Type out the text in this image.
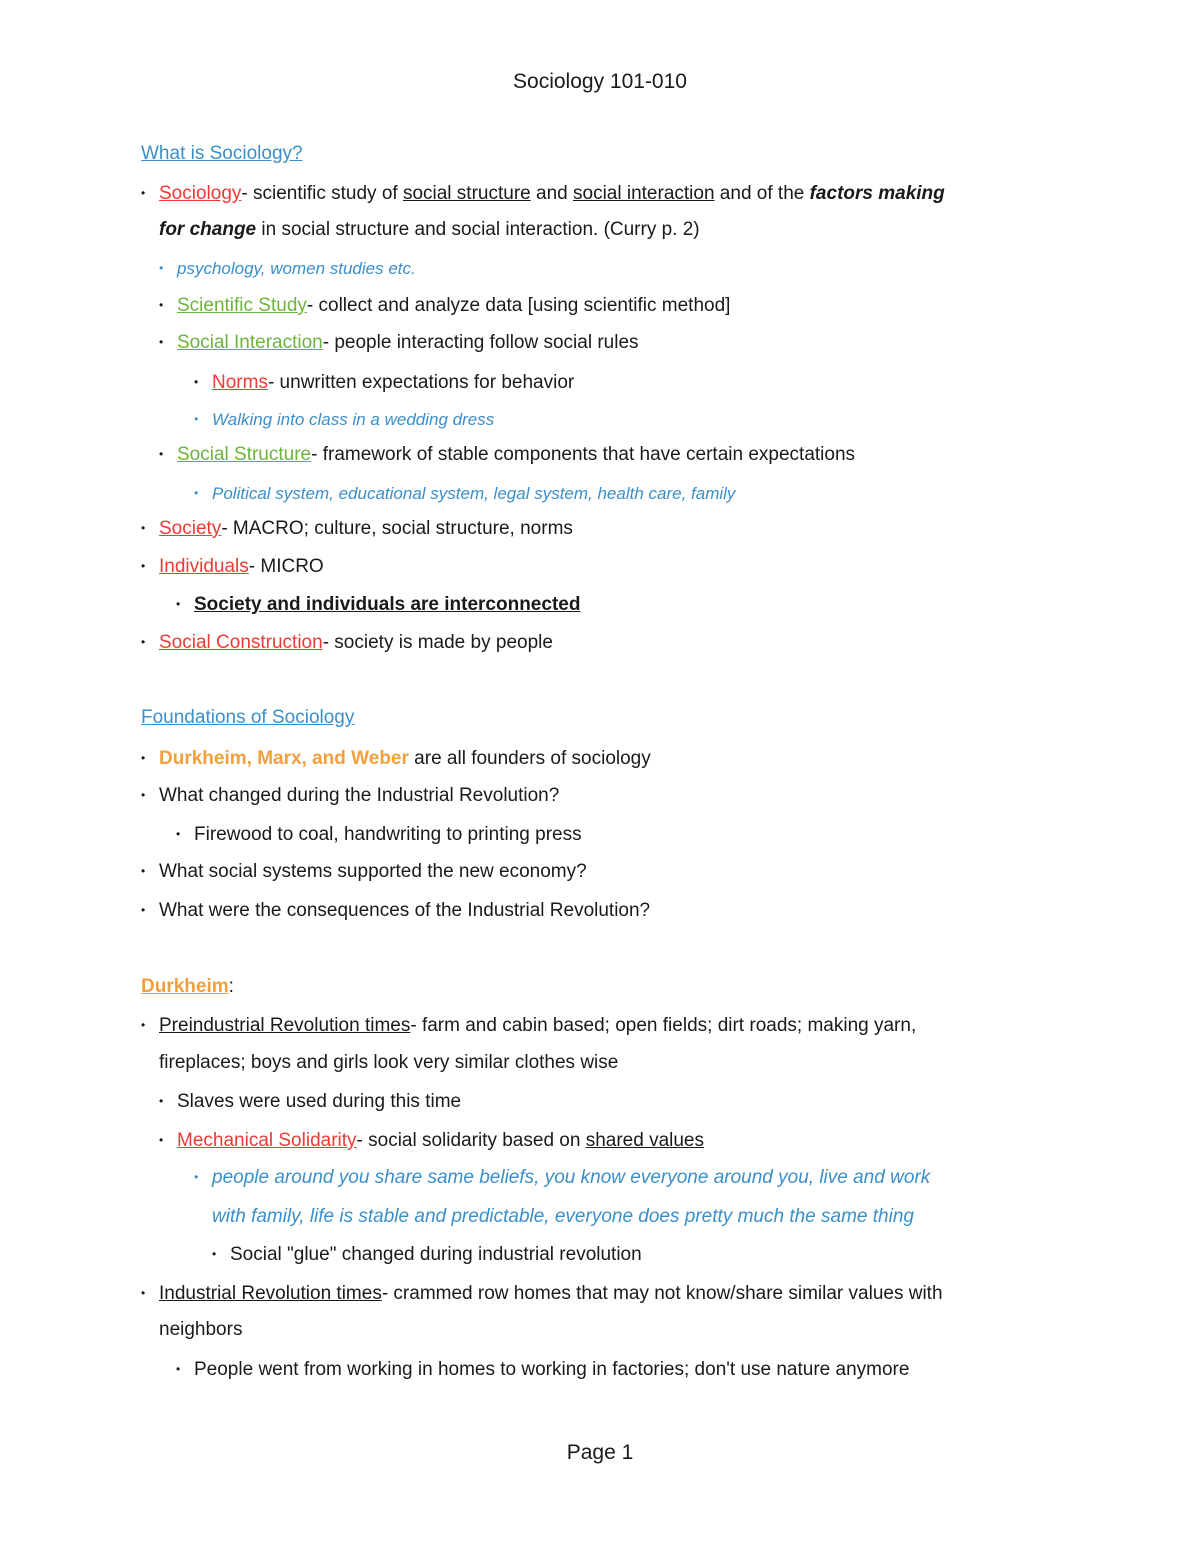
Sociology 101-010
What is Sociology?
• Sociology- scientific study of social structure and social interaction and of the factors making
for change in social structure and social interaction. (Curry p. 2)
• psychology, women studies etc.
• Scientific Study- collect and analyze data [using scientific method]
• Social Interaction- people interacting follow social rules
• Norms- unwritten expectations for behavior
• Walking into class in a wedding dress
• Social Structure- framework of stable components that have certain expectations
• Political system, educational system, legal system, health care, family
• Society- MACRO; culture, social structure, norms
• Individuals- MICRO
• Society and individuals are interconnected
• Social Construction- society is made by people
Foundations of Sociology
• Durkheim, Marx, and Weber are all founders of sociology
• What changed during the Industrial Revolution?
• Firewood to coal, handwriting to printing press
• What social systems supported the new economy?
• What were the consequences of the Industrial Revolution?
Durkheim:
• Preindustrial Revolution times- farm and cabin based; open fields; dirt roads; making yarn,
fireplaces; boys and girls look very similar clothes wise
• Slaves were used during this time
• Mechanical Solidarity- social solidarity based on shared values
• people around you share same beliefs, you know everyone around you, live and work
with family, life is stable and predictable, everyone does pretty much the same thing
• Social "glue" changed during industrial revolution
• Industrial Revolution times- crammed row homes that may not know/share similar values with
neighbors
• People went from working in homes to working in factories; don't use nature anymore
Page 1
